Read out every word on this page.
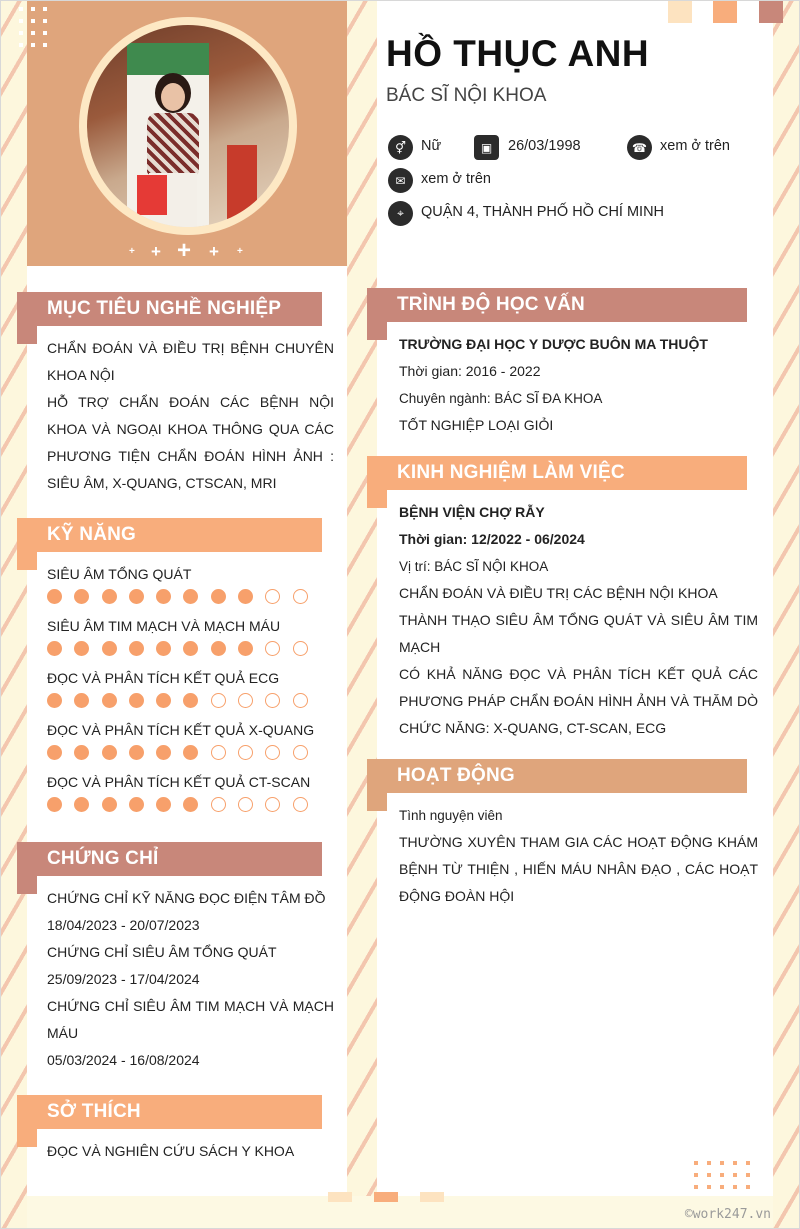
+ + + + +
HỒ THỤC ANH
BÁC SĨ NỘI KHOA
⚥	Nữ	▣	26/03/1998	☎ xem ở trên
✉	xem ở trên
⌖	QUẬN 4, THÀNH PHỐ HỒ CHÍ MINH
MỤC TIÊU NGHỀ NGHIỆP
CHẨN ĐOÁN VÀ ĐIỀU TRỊ BỆNH CHUYÊN KHOA NỘI
HỖ TRỢ CHẨN ĐOÁN CÁC BỆNH NỘI KHOA VÀ NGOẠI KHOA THÔNG QUA CÁC PHƯƠNG TIỆN CHẨN ĐOÁN HÌNH ẢNH : SIÊU ÂM, X-QUANG, CTSCAN, MRI
KỸ NĂNG
CHỨNG CHỈ
CHỨNG CHỈ KỸ NĂNG ĐỌC ĐIỆN TÂM ĐỒ
18/04/2023 - 20/07/2023
CHỨNG CHỈ SIÊU ÂM TỔNG QUÁT
25/09/2023 - 17/04/2024
CHỨNG CHỈ SIÊU ÂM TIM MẠCH VÀ MẠCH MÁU
05/03/2024 - 16/08/2024
SỞ THÍCH
ĐỌC VÀ NGHIÊN CỨU SÁCH Y KHOA
TRÌNH ĐỘ HỌC VẤN
TRƯỜNG ĐẠI HỌC Y DƯỢC BUÔN MA THUỘT
Thời gian: 2016 - 2022
Chuyên ngành: BÁC SĨ ĐA KHOA
TỐT NGHIỆP LOẠI GIỎI
KINH NGHIỆM LÀM VIỆC
BỆNH VIỆN CHỢ RẪY
Thời gian: 12/2022 - 06/2024
Vị trí: BÁC SĨ NỘI KHOA
CHẨN ĐOÁN VÀ ĐIỀU TRỊ CÁC BỆNH NỘI KHOA
THÀNH THẠO SIÊU ÂM TỔNG QUÁT VÀ SIÊU ÂM TIM MẠCH
CÓ KHẢ NĂNG ĐỌC VÀ PHÂN TÍCH KẾT QUẢ CÁC PHƯƠNG PHÁP CHẨN ĐOÁN HÌNH ẢNH VÀ THĂM DÒ CHỨC NĂNG: X-QUANG, CT-SCAN, ECG
HOẠT ĐỘNG
Tình nguyện viên
THƯỜNG XUYÊN THAM GIA CÁC HOẠT ĐỘNG KHÁM BỆNH TỪ THIỆN , HIẾN MÁU NHÂN ĐẠO , CÁC HOẠT ĐỘNG ĐOÀN HỘI
©work247.vn
SIÊU ÂM TỔNG QUÁT
SIÊU ÂM TIM MẠCH VÀ MẠCH MÁU
ĐỌC VÀ PHÂN TÍCH KẾT QUẢ ECG
ĐỌC VÀ PHÂN TÍCH KẾT QUẢ X-QUANG
ĐỌC VÀ PHÂN TÍCH KẾT QUẢ CT-SCAN
